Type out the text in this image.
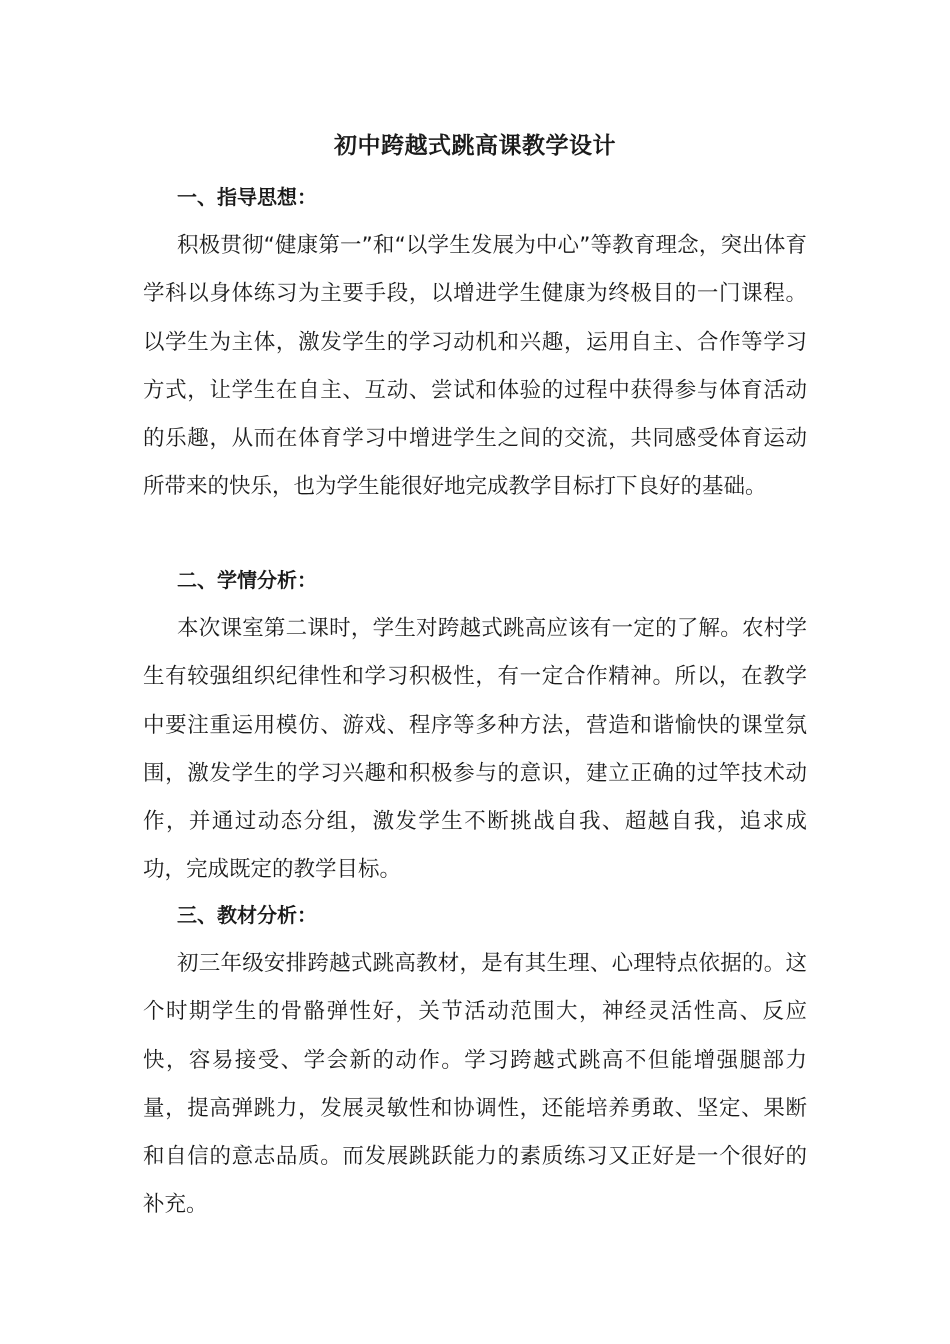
初中跨越式跳高课教学设计
一、指导思想：

积极贯彻“健康第一”和“以学生发展为中心”等教育理念，突出体育学科以身体练习为主要手段，以增进学生健康为终极目的一门课程。以学生为主体，激发学生的学习动机和兴趣，运用自主、合作等学习方式，让学生在自主、互动、尝试和体验的过程中获得参与体育活动的乐趣，从而在体育学习中增进学生之间的交流，共同感受体育运动所带来的快乐，也为学生能很好地完成教学目标打下良好的基础。

二、学情分析：

本次课室第二课时，学生对跨越式跳高应该有一定的了解。农村学生有较强组织纪律性和学习积极性，有一定合作精神。所以，在教学中要注重运用模仿、游戏、程序等多种方法，营造和谐愉快的课堂氛围，激发学生的学习兴趣和积极参与的意识，建立正确的过竿技术动作，并通过动态分组，激发学生不断挑战自我、超越自我，追求成功，完成既定的教学目标。

三、教材分析：

初三年级安排跨越式跳高教材，是有其生理、心理特点依据的。这个时期学生的骨骼弹性好，关节活动范围大，神经灵活性高、反应快，容易接受、学会新的动作。学习跨越式跳高不但能增强腿部力量，提高弹跳力，发展灵敏性和协调性，还能培养勇敢、坚定、果断和自信的意志品质。而发展跳跃能力的素质练习又正好是一个很好的补充。
